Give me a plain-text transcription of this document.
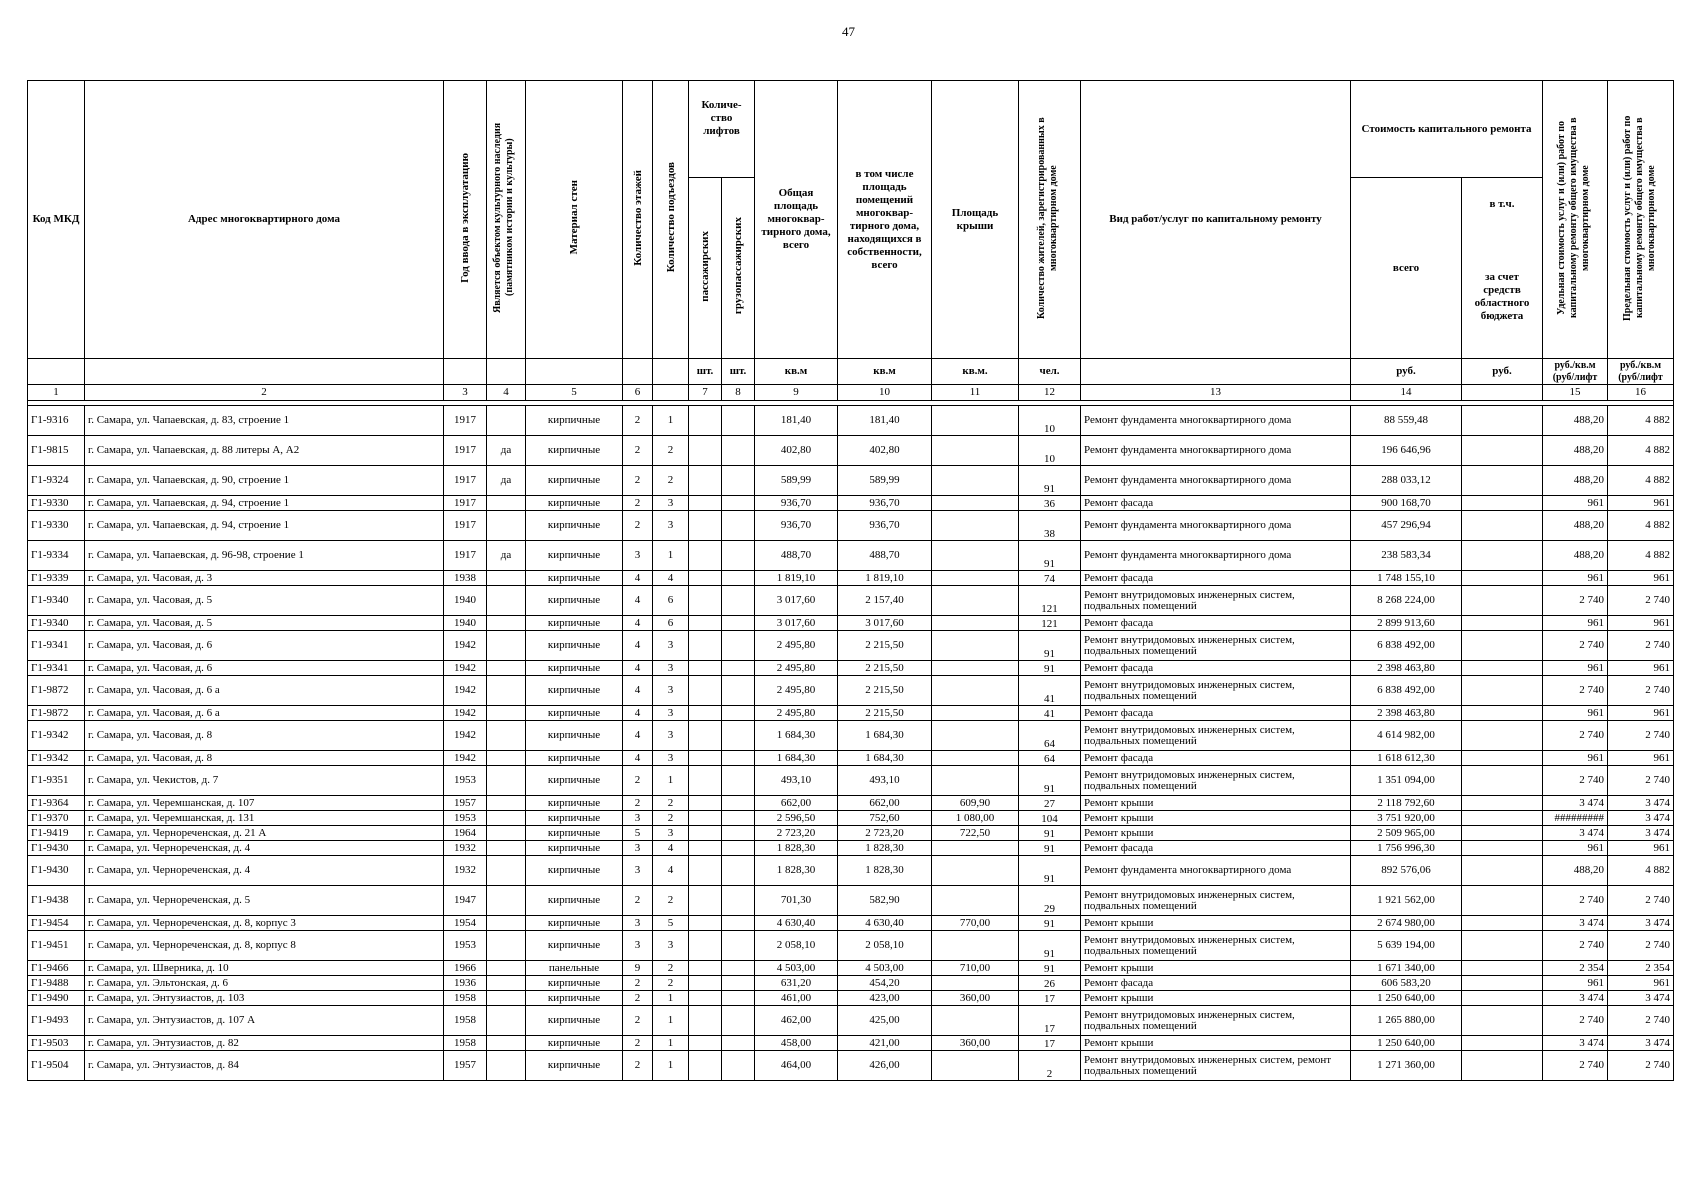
47
Код МКД	Адрес многоквартирного дома	Год ввода в эксплуатацию	Является объектом культурного наследия (памятником истории и культуры)	Материал стен	Количество этажей	Количество подъездов	Количе-ство лифтов		Общая площадь многоквар-тирного дома, всего	в том числе площадь помещений многоквар-тирного дома, находящихся в собственности, всего	Площадь крыши	Количество жителей, зарегистрированных в многоквартирном доме	Вид работ/услуг по капитальному ремонту	Стоимость капитального ремонта		Удельная стоимость услуг и (или) работ по капитальному ремонту общего имущества в многоквартирном доме	Предельная стоимость услуг и (или) работ по капитальному ремонту общего имущества в многоквартирном доме
							пассажирских	грузопассажирских						всего	в т.ч.
за счет средств областного бюджета		

							шт.	шт.	кв.м	кв.м	кв.м.	чел.		руб.	руб.	руб./кв.м (руб/лифт	руб./кв.м (руб/лифт
1	2	3	4	5	6		7	8	9	10	11	12	13	14		15	16

Г1-9316	г. Самара, ул. Чапаевская, д. 83, строение 1	1917		кирпичные	2	1			181,40	181,40		10	Ремонт фундамента многоквартирного дома	88 559,48		488,20	4 882
Г1-9815	г. Самара, ул. Чапаевская, д. 88 литеры А, А2	1917	да	кирпичные	2	2			402,80	402,80		10	Ремонт фундамента многоквартирного дома	196 646,96		488,20	4 882
Г1-9324	г. Самара, ул. Чапаевская, д. 90, строение 1	1917	да	кирпичные	2	2			589,99	589,99		91	Ремонт фундамента многоквартирного дома	288 033,12		488,20	4 882
Г1-9330	г. Самара, ул. Чапаевская, д. 94, строение 1	1917		кирпичные	2	3			936,70	936,70		36	Ремонт фасада	900 168,70		961	961
Г1-9330	г. Самара, ул. Чапаевская, д. 94, строение 1	1917		кирпичные	2	3			936,70	936,70		38	Ремонт фундамента многоквартирного дома	457 296,94		488,20	4 882
Г1-9334	г. Самара, ул. Чапаевская, д. 96-98, строение 1	1917	да	кирпичные	3	1			488,70	488,70		91	Ремонт фундамента многоквартирного дома	238 583,34		488,20	4 882
Г1-9339	г. Самара, ул. Часовая, д. 3	1938		кирпичные	4	4			1 819,10	1 819,10		74	Ремонт фасада	1 748 155,10		961	961
Г1-9340	г. Самара, ул. Часовая, д. 5	1940		кирпичные	4	6			3 017,60	2 157,40		121	Ремонт внутридомовых инженерных систем, подвальных помещений	8 268 224,00		2 740	2 740
Г1-9340	г. Самара, ул. Часовая, д. 5	1940		кирпичные	4	6			3 017,60	3 017,60		121	Ремонт фасада	2 899 913,60		961	961
Г1-9341	г. Самара, ул. Часовая, д. 6	1942		кирпичные	4	3			2 495,80	2 215,50		91	Ремонт внутридомовых инженерных систем, подвальных помещений	6 838 492,00		2 740	2 740
Г1-9341	г. Самара, ул. Часовая, д. 6	1942		кирпичные	4	3			2 495,80	2 215,50		91	Ремонт фасада	2 398 463,80		961	961
Г1-9872	г. Самара, ул. Часовая, д. 6 а	1942		кирпичные	4	3			2 495,80	2 215,50		41	Ремонт внутридомовых инженерных систем, подвальных помещений	6 838 492,00		2 740	2 740
Г1-9872	г. Самара, ул. Часовая, д. 6 а	1942		кирпичные	4	3			2 495,80	2 215,50		41	Ремонт фасада	2 398 463,80		961	961
Г1-9342	г. Самара, ул. Часовая, д. 8	1942		кирпичные	4	3			1 684,30	1 684,30		64	Ремонт внутридомовых инженерных систем, подвальных помещений	4 614 982,00		2 740	2 740
Г1-9342	г. Самара, ул. Часовая, д. 8	1942		кирпичные	4	3			1 684,30	1 684,30		64	Ремонт фасада	1 618 612,30		961	961
Г1-9351	г. Самара, ул. Чекистов, д. 7	1953		кирпичные	2	1			493,10	493,10		91	Ремонт внутридомовых инженерных систем, подвальных помещений	1 351 094,00		2 740	2 740
Г1-9364	г. Самара, ул. Черемшанская, д. 107	1957		кирпичные	2	2			662,00	662,00	609,90	27	Ремонт крыши	2 118 792,60		3 474	3 474
Г1-9370	г. Самара, ул. Черемшанская, д. 131	1953		кирпичные	3	2			2 596,50	752,60	1 080,00	104	Ремонт крыши	3 751 920,00		#########	3 474
Г1-9419	г. Самара, ул. Чернореченская, д. 21 А	1964		кирпичные	5	3			2 723,20	2 723,20	722,50	91	Ремонт крыши	2 509 965,00		3 474	3 474
Г1-9430	г. Самара, ул. Чернореченская, д. 4	1932		кирпичные	3	4			1 828,30	1 828,30		91	Ремонт фасада	1 756 996,30		961	961
Г1-9430	г. Самара, ул. Чернореченская, д. 4	1932		кирпичные	3	4			1 828,30	1 828,30		91	Ремонт фундамента многоквартирного дома	892 576,06		488,20	4 882
Г1-9438	г. Самара, ул. Чернореченская, д. 5	1947		кирпичные	2	2			701,30	582,90		29	Ремонт внутридомовых инженерных систем, подвальных помещений	1 921 562,00		2 740	2 740
Г1-9454	г. Самара, ул. Чернореченская, д. 8, корпус 3	1954		кирпичные	3	5			4 630,40	4 630,40	770,00	91	Ремонт крыши	2 674 980,00		3 474	3 474
Г1-9451	г. Самара, ул. Чернореченская, д. 8, корпус 8	1953		кирпичные	3	3			2 058,10	2 058,10		91	Ремонт внутридомовых инженерных систем, подвальных помещений	5 639 194,00		2 740	2 740
Г1-9466	г. Самара, ул. Шверника, д. 10	1966		панельные	9	2			4 503,00	4 503,00	710,00	91	Ремонт крыши	1 671 340,00		2 354	2 354
Г1-9488	г. Самара, ул. Эльтонская, д. 6	1936		кирпичные	2	2			631,20	454,20		26	Ремонт фасада	606 583,20		961	961
Г1-9490	г. Самара, ул. Энтузиастов, д. 103	1958		кирпичные	2	1			461,00	423,00	360,00	17	Ремонт крыши	1 250 640,00		3 474	3 474
Г1-9493	г. Самара, ул. Энтузиастов, д. 107 А	1958		кирпичные	2	1			462,00	425,00		17	Ремонт внутридомовых инженерных систем, подвальных помещений	1 265 880,00		2 740	2 740
Г1-9503	г. Самара, ул. Энтузиастов, д. 82	1958		кирпичные	2	1			458,00	421,00	360,00	17	Ремонт крыши	1 250 640,00		3 474	3 474
Г1-9504	г. Самара, ул. Энтузиастов, д. 84	1957		кирпичные	2	1			464,00	426,00		2	Ремонт внутридомовых инженерных систем, ремонт подвальных помещений	1 271 360,00		2 740	2 740
